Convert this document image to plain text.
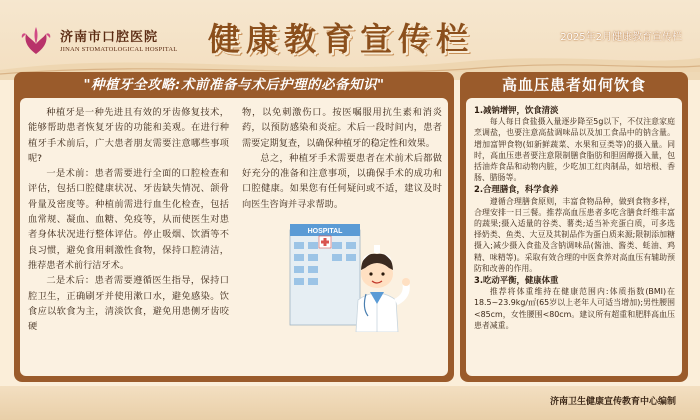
济南市口腔医院
JINAN STOMATOLOGICAL HOSPITAL 健康教育宣传栏	2025年2月健康教育宣传栏
"种植牙全攻略:术前准备与术后护理的必备知识"

种植牙是一种先进且有效的牙齿修复技术，能够帮助患者恢复牙齿的功能和美观。在进行种植牙手术前后，广大患者朋友需要注意哪些事项呢?

一是术前：患者需要进行全面的口腔检查和评估，包括口腔健康状况、牙齿缺失情况、颌骨骨量及密度等。种植前需进行血生化检查，包括血常规、凝血、血糖、免疫等，从而使医生对患者身体状况进行整体评估。停止吸烟、饮酒等不良习惯，避免食用刺激性食物，保持口腔清洁，推荐患者术前行洁牙术。

二是术后：患者需要遵循医生指导，保持口腔卫生，正确刷牙并使用漱口水，避免感染。饮食应以软食为主，清淡饮食，避免用患侧牙齿咬硬

物，以免刺激伤口。按医嘱服用抗生素和消炎药，以预防感染和炎症。术后一段时间内，患者需要定期复查，以确保种植牙的稳定性和效果。

总之，种植牙手术需要患者在术前术后都做好充分的准备和注意事项，以确保手术的成功和口腔健康。如果您有任何疑问或不适，建议及时向医生咨询并寻求帮助。

高血压患者如何饮食
1.减钠增钾，饮食清淡

每人每日食盐摄入量逐步降至5g以下，不仅注意家庭烹调盐，也要注意高盐调味品以及加工食品中的钠含量。增加富钾食物(如新鲜蔬菜、水果和豆类等)的摄入量。同时，高血压患者要注意限制膳食脂肪和胆固醇摄入量，包括油炸食品和动物内脏，少吃加工红肉制品，如培根、香肠、腊肠等。

2.合理膳食，科学食养

遵循合理膳食原则，丰富食物品种，做到食物多样，合理安排一日三餐。推荐高血压患者多吃含膳食纤维丰富的蔬果;摄入适量的谷类、薯类;适当补充蛋白质，可多选择奶类、鱼类、大豆及其制品作为蛋白质来源;限制添加糖摄入;减少摄入食盐及含钠调味品(酱油、酱类、蚝油、鸡精、味精等)。采取有效合理的中医食养对高血压有辅助预防和改善的作用。

3.吃动平衡，健康体重

推荐将体重维持在健康范围内:体质指数(BMI)在18.5~23.9kg/㎡(65岁以上老年人可适当增加);男性腰围<85cm，女性腰围<80cm。建议所有超重和肥胖高血压患者减重。

HOSPITAL
济南卫生健康宣传教育中心编制
